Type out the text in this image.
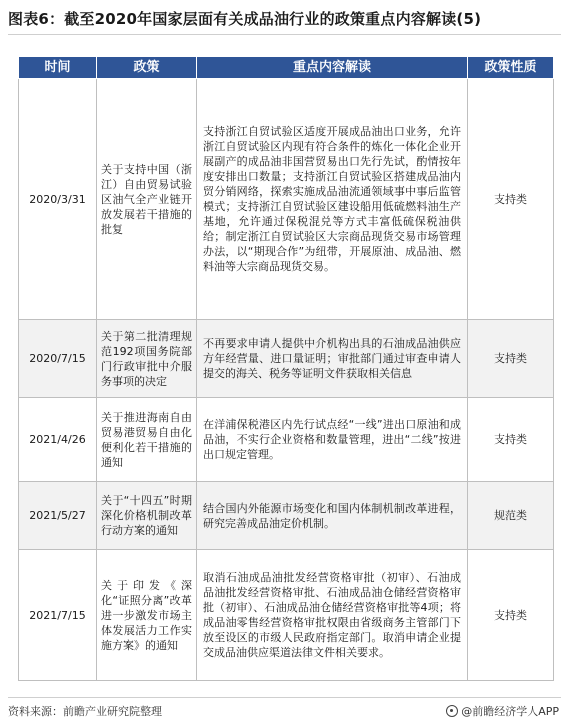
图表6：截至2020年国家层面有关成品油行业的政策重点内容解读(5)
时间	政策	重点内容解读	政策性质
2020/3/31	关于支持中国（浙江）自由贸易试验区油气全产业链开放发展若干措施的批复	支持浙江自贸试验区适度开展成品油出口业务，允许浙江自贸试验区内现有符合条件的炼化一体化企业开展副产的成品油非国营贸易出口先行先试，酌情按年度安排出口数量；支持浙江自贸试验区搭建成品油内贸分销网络，探索实施成品油流通领域事中事后监管模式；支持浙江自贸试验区建设船用低硫燃料油生产基地，允许通过保税混兑等方式丰富低硫保税油供给；制定浙江自贸试验区大宗商品现货交易市场管理办法，以“期现合作”为纽带，开展原油、成品油、燃料油等大宗商品现货交易。	支持类
2020/7/15	关于第二批清理规范192项国务院部门行政审批中介服务事项的决定	不再要求申请人提供中介机构出具的石油成品油供应方年经营量、进口量证明；审批部门通过审查申请人提交的海关、税务等证明文件获取相关信息	支持类
2021/4/26	关于推进海南自由贸易港贸易自由化便利化若干措施的通知	在洋浦保税港区内先行试点经“一线”进出口原油和成品油，不实行企业资格和数量管理，进出“二线”按进出口规定管理。	支持类
2021/5/27	关于“十四五”时期深化价格机制改革行动方案的通知	结合国内外能源市场变化和国内体制机制改革进程，研究完善成品油定价机制。	规范类
2021/7/15	关于印发《深化“证照分离”改革进一步激发市场主体发展活力工作实施方案》的通知	取消石油成品油批发经营资格审批（初审）、石油成品油批发经营资格审批、石油成品油仓储经营资格审批（初审）、石油成品油仓储经营资格审批等4项；将成品油零售经营资格审批权限由省级商务主管部门下放至设区的市级人民政府指定部门。取消申请企业提交成品油供应渠道法律文件相关要求。	支持类
资料来源：前瞻产业研究院整理	@前瞻经济学人APP
